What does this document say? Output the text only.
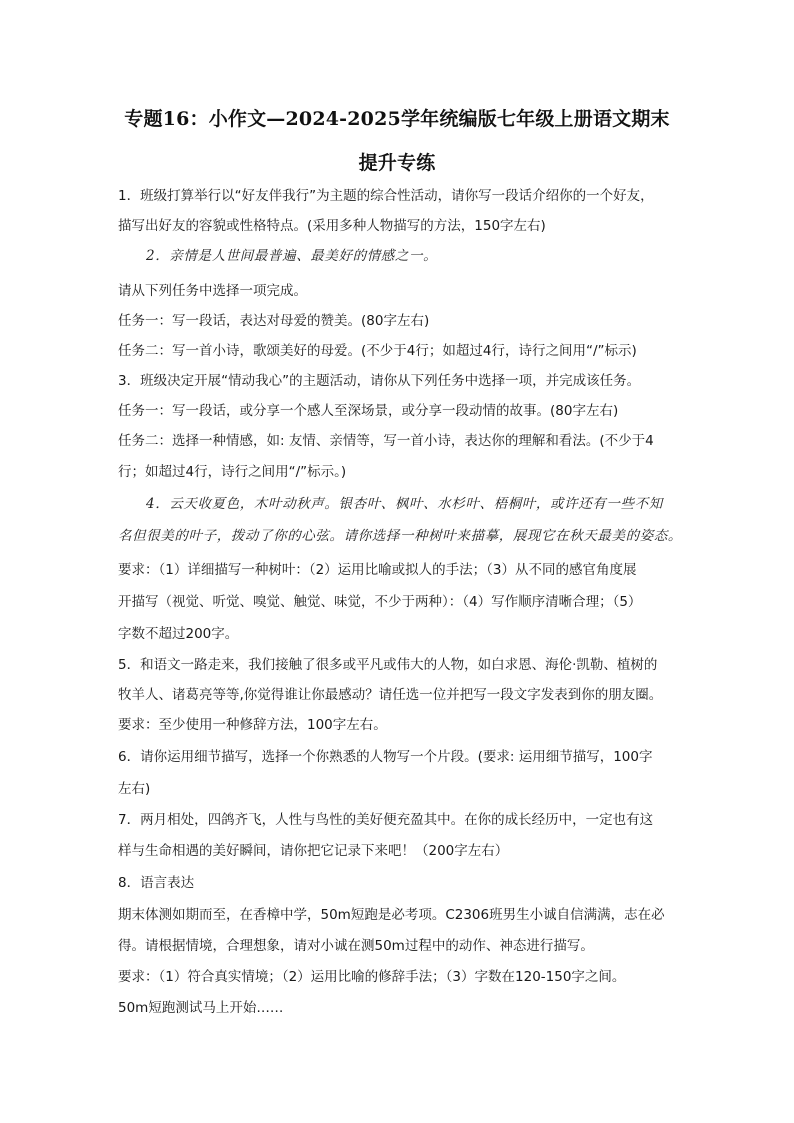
专题16：小作文—2024-2025学年统编版七年级上册语文期末
提升专练
1．班级打算举行以“好友伴我行”为主题的综合性活动，请你写一段话介绍你的一个好友，
描写出好友的容貌或性格特点。(采用多种人物描写的方法，150字左右)
2．亲情是人世间最普遍、最美好的情感之一。
请从下列任务中选择一项完成。
任务一：写一段话，表达对母爱的赞美。(80字左右)
任务二：写一首小诗，歌颂美好的母爱。(不少于4行；如超过4行，诗行之间用“/”标示)
3．班级决定开展“情动我心”的主题活动，请你从下列任务中选择一项，并完成该任务。
任务一：写一段话，或分享一个感人至深场景，或分享一段动情的故事。(80字左右)
任务二：选择一种情感，如: 友情、亲情等，写一首小诗，表达你的理解和看法。(不少于4
行；如超过4行，诗行之间用“/”标示。)
4．云天收夏色，木叶动秋声。银杏叶、枫叶、水杉叶、梧桐叶，或许还有一些不知
名但很美的叶子，拨动了你的心弦。请你选择一种树叶来描摹，展现它在秋天最美的姿态。
要求：（1）详细描写一种树叶：（2）运用比喻或拟人的手法；（3）从不同的感官角度展
开描写（视觉、听觉、嗅觉、触觉、味觉，不少于两种）：（4）写作顺序清晰合理；（5）
字数不超过200字。
5．和语文一路走来，我们接触了很多或平凡或伟大的人物，如白求恩、海伦·凯勒、植树的
牧羊人、诸葛亮等等,你觉得谁让你最感动？请任选一位并把写一段文字发表到你的朋友圈。
要求：至少使用一种修辞方法，100字左右。
6．请你运用细节描写，选择一个你熟悉的人物写一个片段。(要求: 运用细节描写，100字
左右)
7．两月相处，四鸽齐飞，人性与鸟性的美好便充盈其中。在你的成长经历中，一定也有这
样与生命相遇的美好瞬间，请你把它记录下来吧！（200字左右）
8．语言表达
期末体测如期而至，在香樟中学，50m短跑是必考项。C2306班男生小诚自信满满，志在必
得。请根据情境，合理想象，请对小诚在测50m过程中的动作、神态进行描写。
要求：（1）符合真实情境；（2）运用比喻的修辞手法；（3）字数在120-150字之间。
50m短跑测试马上开始……
